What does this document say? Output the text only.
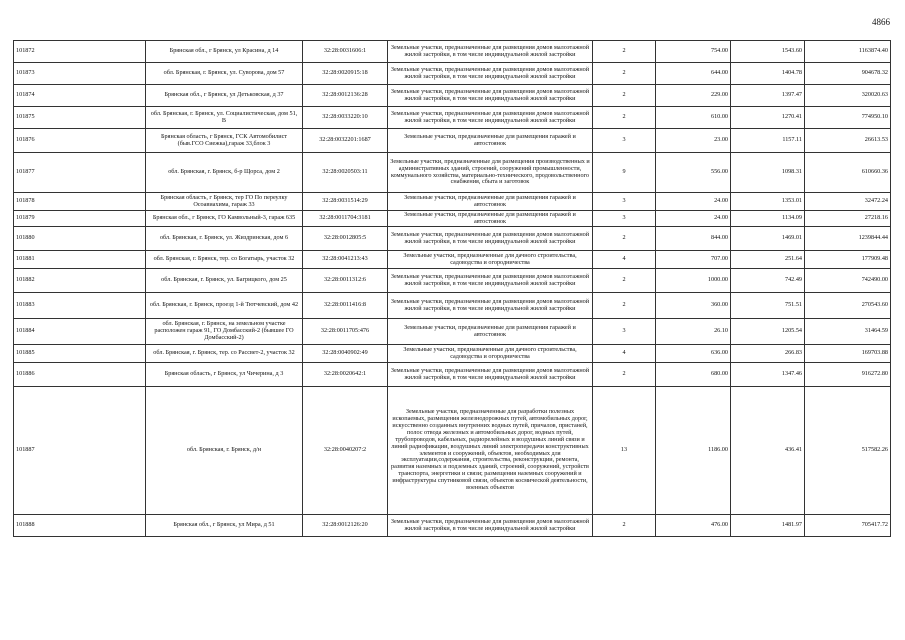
4866
101872	Брянская обл., г Брянск, ул Красина, д 14	32:28:0031606:1	Земельные участки, предназначенные для размещения домов малоэтажной жилой застройки, в том числе индивидуальной жилой застройки	2	754.00	1543.60	1163874.40
101873	обл. Брянская, г. Брянск, ул. Суворова, дом 57	32:28:0020915:18	Земельные участки, предназначенные для размещения домов малоэтажной жилой застройки, в том числе индивидуальной жилой застройки	2	644.00	1404.78	904678.32
101874	Брянская обл., г Брянск, ул Детьковская, д 37	32:28:0012136:28	Земельные участки, предназначенные для размещения домов малоэтажной жилой застройки, в том числе индивидуальной жилой застройки	2	229.00	1397.47	320020.63
101875	обл. Брянская, г. Брянск, ул. Социалистическая, дом 51, В	32:28:0033220:10	Земельные участки, предназначенные для размещения домов малоэтажной жилой застройки, в том числе индивидуальной жилой застройки	2	610.00	1270.41	774950.10
101876	Брянская область, г Брянск, ГСК Автомобилист (быв.ГСО Сиежка),гараж 33,блок 3	32:28:0032201:1687	Земельные участки, предназначенные для размещения гаражей и автостоянок	3	23.00	1157.11	26613.53
101877	обл. Брянская, г. Брянск, б-р Щорса, дом 2	32:28:0020503:11	Земельные участки, предназначенные для размещения производственных и административных зданий, строений, сооружений промышленности, коммунального хозяйства, материально-технического, продовольственного снабжения, сбыта и заготовок	9	556.00	1098.31	610660.36
101878	Брянская область, г Брянск, тер ГО По переулку Осоавиахима, гараж 33	32:28:0031514:29	Земельные участки, предназначенные для размещения гаражей и автостоянок	3	24.00	1353.01	32472.24
101879	Брянская обл., г Брянск, ГО Камвольный-3, гараж 635	32:28:0011704:3181	Земельные участки, предназначенные для размещения гаражей и автостоянок	3	24.00	1134.09	27218.16
101880	обл. Брянская, г. Брянск, ул. Жиздринская, дом 6	32:28:0012805:5	Земельные участки, предназначенные для размещения домов малоэтажной жилой застройки, в том числе индивидуальной жилой застройки	2	844.00	1469.01	1239844.44
101881	обл. Брянская, г. Брянск, тер. со Богатырь, участок 32	32:28:0041213:43	Земельные участки, предназначенные для дачного строительства, садоводства и огородничества	4	707.00	251.64	177909.48
101882	обл. Брянская, г. Брянск, ул. Багрицкого, дом 25	32:28:0011312:6	Земельные участки, предназначенные для размещения домов малоэтажной жилой застройки, в том числе индивидуальной жилой застройки	2	1000.00	742.49	742490.00
101883	обл. Брянская, г. Брянск, проезд 1-й Тютчевский, дом 42	32:28:0011416:8	Земельные участки, предназначенные для размещения домов малоэтажной жилой застройки, в том числе индивидуальной жилой застройки	2	360.00	751.51	270543.60
101884	обл. Брянская, г. Брянск, на земельном участке расположен гараж 91, ГО Домбасский-2 (бывшее ГО Домбасский-2)	32:28:0011705:476	Земельные участки, предназначенные для размещения гаражей и автостоянок	3	26.10	1205.54	31464.59
101885	обл. Брянская, г. Брянск, тер. со Рассвет-2, участок 32	32:28:0040902:49	Земельные участки, предназначенные для дачного строительства, садоводства и огородничества	4	636.00	266.83	169703.88
101886	Брянская область, г Брянск, ул Чичерина, д 3	32:28:0020642:1	Земельные участки, предназначенные для размещения домов малоэтажной жилой застройки, в том числе индивидуальной жилой застройки	2	680.00	1347.46	916272.80
101887	обл. Брянская, г. Брянск, д/н	32:28:0040207:2	Земельные участки, предназначенные для разработки полезных ископаемых, размещения железнодорожных путей, автомобильных дорог, искусственно созданных внутренних водных путей, причалов, пристаней, полос отвода железных и автомобильных дорог, водных путей, трубопроводов, кабельных, радиорелейных и воздушных линий связи и линий радиофикации, воздушных линий электропередачи конструктивных элементов и сооружений, объектов, необходимых для эксплуатации,содержания, строительства, реконструкции, ремонта, развития наземных и подземных зданий, строений, сооружений, устройств транспорта, энергетики и связи; размещения наземных сооружений и инфраструктуры спутниковой связи, объектов космической деятельности, военных объектов	13	1186.00	436.41	517582.26
101888	Брянская обл., г Брянск, ул Мира, д 51	32:28:0012126:20	Земельные участки, предназначенные для размещения домов малоэтажной жилой застройки, в том числе индивидуальной жилой застройки	2	476.00	1481.97	705417.72
